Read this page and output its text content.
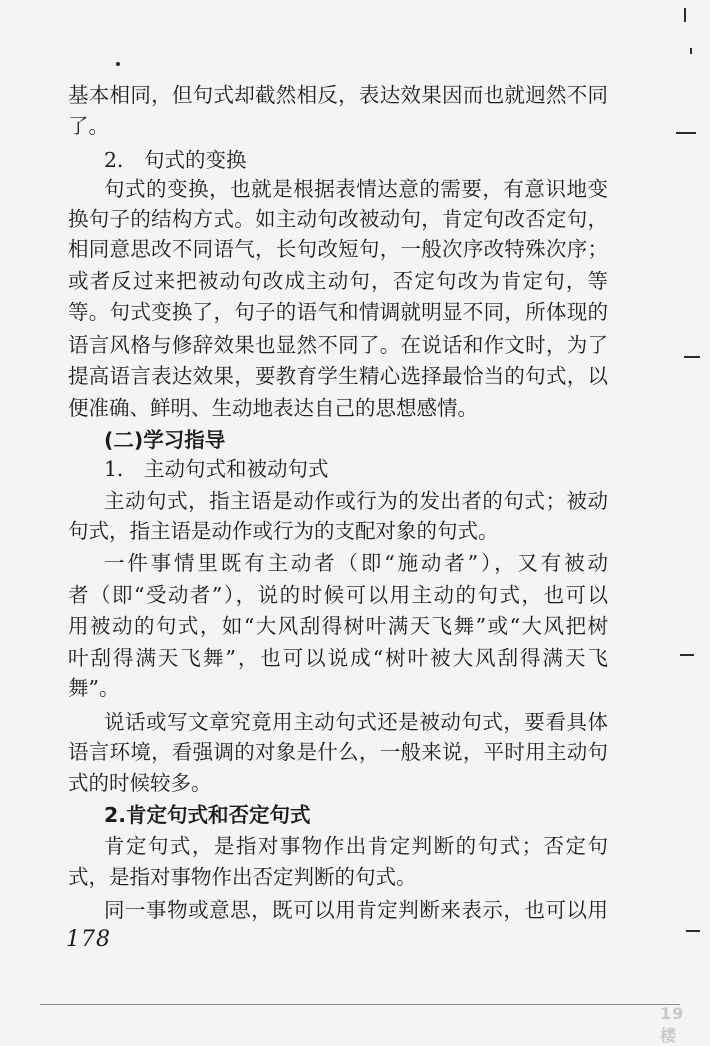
基本相同，但句式却截然相反，表达效果因而也就迥然不同
了。
2． 句式的变换
句式的变换，也就是根据表情达意的需要，有意识地变
换句子的结构方式。如主动句改被动句，肯定句改否定句，
相同意思改不同语气，长句改短句，一般次序改特殊次序；
或者反过来把被动句改成主动句，否定句改为肯定句，等
等。句式变换了，句子的语气和情调就明显不同，所体现的
语言风格与修辞效果也显然不同了。在说话和作文时，为了
提高语言表达效果，要教育学生精心选择最恰当的句式，以
便准确、鲜明、生动地表达自己的思想感情。
(二)学习指导
1． 主动句式和被动句式
主动句式，指主语是动作或行为的发出者的句式；被动
句式，指主语是动作或行为的支配对象的句式。
一件事情里既有主动者（即“施动者”），又有被动
者（即“受动者”），说的时候可以用主动的句式，也可以
用被动的句式，如“大风刮得树叶满天飞舞”或“大风把树
叶刮得满天飞舞”，也可以说成“树叶被大风刮得满天飞
舞”。
说话或写文章究竟用主动句式还是被动句式，要看具体
语言环境，看强调的对象是什么，一般来说，平时用主动句
式的时候较多。
2.肯定句式和否定句式
肯定句式，是指对事物作出肯定判断的句式；否定句
式，是指对事物作出否定判断的句式。
同一事物或意思，既可以用肯定判断来表示，也可以用
178
19楼
